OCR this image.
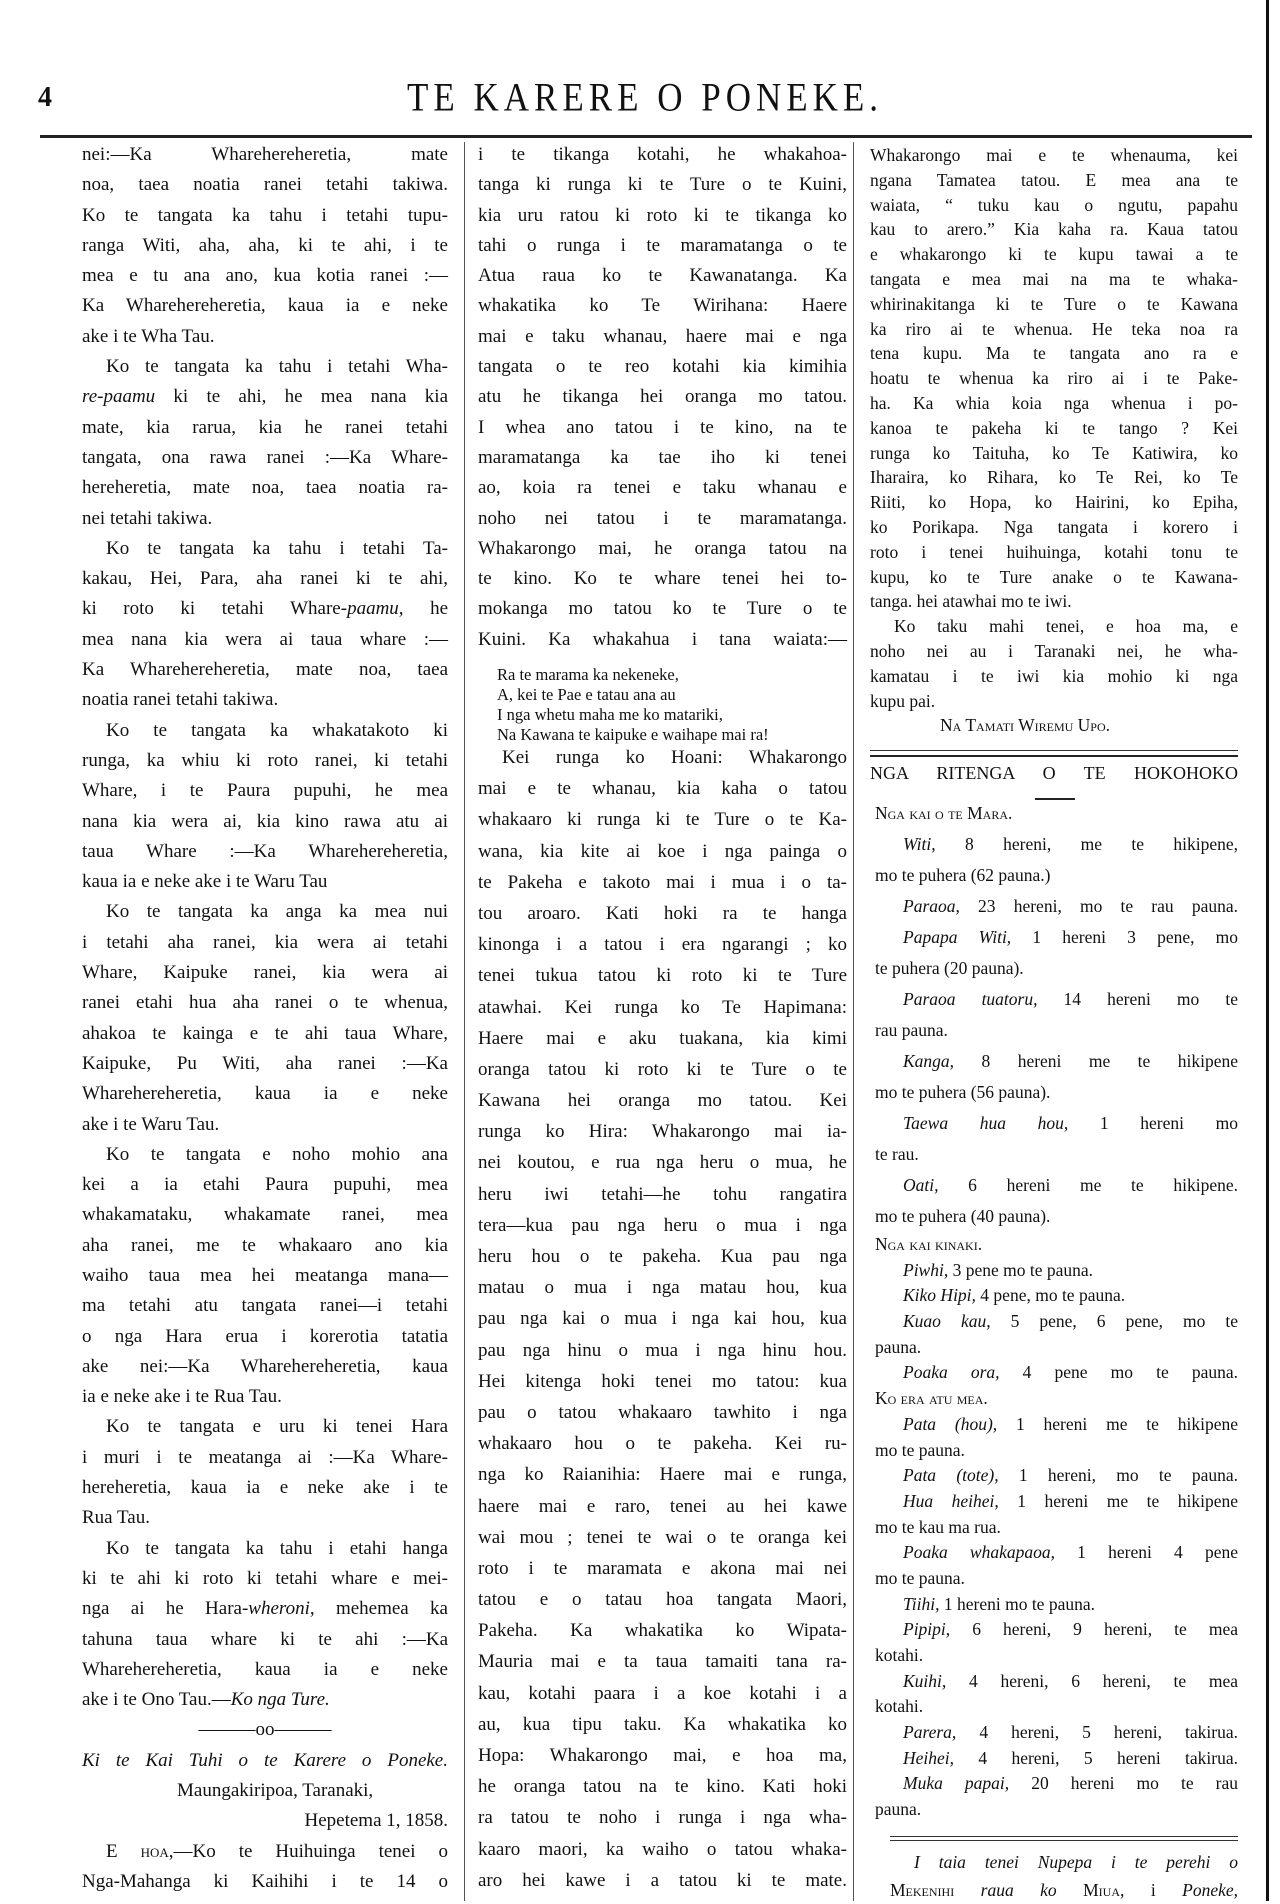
4	TE KARERE O PONEKE.
nei:—Ka Wharehereheretia, mate
noa, taea noatia ranei tetahi takiwa.
Ko te tangata ka tahu i tetahi tupu-
ranga Witi, aha, aha, ki te ahi, i te
mea e tu ana ano, kua kotia ranei :—
Ka Wharehereheretia, kaua ia e neke
ake i te Wha Tau.
Ko te tangata ka tahu i tetahi Wha-
re-paamu ki te ahi, he mea nana kia
mate, kia rarua, kia he ranei tetahi
tangata, ona rawa ranei :—Ka Whare-
hereheretia, mate noa, taea noatia ra-
nei tetahi takiwa.
Ko te tangata ka tahu i tetahi Ta-
kakau, Hei, Para, aha ranei ki te ahi,
ki roto ki tetahi Whare-paamu, he
mea nana kia wera ai taua whare :—
Ka Wharehereheretia, mate noa, taea
noatia ranei tetahi takiwa.
Ko te tangata ka whakatakoto ki
runga, ka whiu ki roto ranei, ki tetahi
Whare, i te Paura pupuhi, he mea
nana kia wera ai, kia kino rawa atu ai
taua Whare :—Ka Wharehereheretia,
kaua ia e neke ake i te Waru Tau
Ko te tangata ka anga ka mea nui
i tetahi aha ranei, kia wera ai tetahi
Whare, Kaipuke ranei, kia wera ai
ranei etahi hua aha ranei o te whenua,
ahakoa te kainga e te ahi taua Whare,
Kaipuke, Pu Witi, aha ranei :—Ka
Wharehereheretia, kaua ia e neke
ake i te Waru Tau.
Ko te tangata e noho mohio ana
kei a ia etahi Paura pupuhi, mea
whakamataku, whakamate ranei, mea
aha ranei, me te whakaaro ano kia
waiho taua mea hei meatanga mana—
ma tetahi atu tangata ranei—i tetahi
o nga Hara erua i korerotia tatatia
ake nei:—Ka Wharehereheretia, kaua
ia e neke ake i te Rua Tau.
Ko te tangata e uru ki tenei Hara
i muri i te meatanga ai :—Ka Whare-
hereheretia, kaua ia e neke ake i te
Rua Tau.
Ko te tangata ka tahu i etahi hanga
ki te ahi ki roto ki tetahi whare e mei-
nga ai he Hara-wheroni, mehemea ka
tahuna taua whare ki te ahi :—Ka
Wharehereheretia, kaua ia e neke
ake i te Ono Tau.—Ko nga Ture.
———oo———
Ki te Kai Tuhi o te Karere o Poneke.
Maungakiripoa, Taranaki,
Hepetema 1, 1858.
E hoa,—Ko te Huihuinga tenei o
Nga-Mahanga ki Kaihihi i te 14 o
i te tikanga kotahi, he whakahoa-
tanga ki runga ki te Ture o te Kuini,
kia uru ratou ki roto ki te tikanga ko
tahi o runga i te maramatanga o te
Atua raua ko te Kawanatanga. Ka
whakatika ko Te Wirihana: Haere
mai e taku whanau, haere mai e nga
tangata o te reo kotahi kia kimihia
atu he tikanga hei oranga mo tatou.
I whea ano tatou i te kino, na te
maramatanga ka tae iho ki tenei
ao, koia ra tenei e taku whanau e
noho nei tatou i te maramatanga.
Whakarongo mai, he oranga tatou na
te kino. Ko te whare tenei hei to-
mokanga mo tatou ko te Ture o te
Kuini. Ka whakahua i tana waiata:—
Ra te marama ka nekeneke,
A, kei te Pae e tatau ana au
I nga whetu maha me ko matariki,
Na Kawana te kaipuke e waihape mai ra!
Kei runga ko Hoani: Whakarongo
mai e te whanau, kia kaha o tatou
whakaaro ki runga ki te Ture o te Ka-
wana, kia kite ai koe i nga painga o
te Pakeha e takoto mai i mua i o ta-
tou aroaro. Kati hoki ra te hanga
kinonga i a tatou i era ngarangi ; ko
tenei tukua tatou ki roto ki te Ture
atawhai. Kei runga ko Te Hapimana:
Haere mai e aku tuakana, kia kimi
oranga tatou ki roto ki te Ture o te
Kawana hei oranga mo tatou. Kei
runga ko Hira: Whakarongo mai ia-
nei koutou, e rua nga heru o mua, he
heru iwi tetahi—he tohu rangatira
tera—kua pau nga heru o mua i nga
heru hou o te pakeha. Kua pau nga
matau o mua i nga matau hou, kua
pau nga kai o mua i nga kai hou, kua
pau nga hinu o mua i nga hinu hou.
Hei kitenga hoki tenei mo tatou: kua
pau o tatou whakaaro tawhito i nga
whakaaro hou o te pakeha. Kei ru-
nga ko Raianihia: Haere mai e runga,
haere mai e raro, tenei au hei kawe
wai mou ; tenei te wai o te oranga kei
roto i te maramata e akona mai nei
tatou e o tatau hoa tangata Maori,
Pakeha. Ka whakatika ko Wipata-
Mauria mai e ta taua tamaiti tana ra-
kau, kotahi paara i a koe kotahi i a
au, kua tipu taku. Ka whakatika ko
Hopa: Whakarongo mai, e hoa ma,
he oranga tatou na te kino. Kati hoki
ra tatou te noho i runga i nga wha-
kaaro maori, ka waiho o tatou whaka-
aro hei kawe i a tatou ki te mate.
Whakarongo mai e te whenauma, kei
ngana Tamatea tatou. E mea ana te
waiata, “ tuku kau o ngutu, papahu
kau to arero.” Kia kaha ra. Kaua tatou
e whakarongo ki te kupu tawai a te
tangata e mea mai na ma te whaka-
whirinakitanga ki te Ture o te Kawana
ka riro ai te whenua. He teka noa ra
tena kupu. Ma te tangata ano ra e
hoatu te whenua ka riro ai i te Pake-
ha. Ka whia koia nga whenua i po-
kanoa te pakeha ki te tango ? Kei
runga ko Taituha, ko Te Katiwira, ko
Iharaira, ko Rihara, ko Te Rei, ko Te
Riiti, ko Hopa, ko Hairini, ko Epiha,
ko Porikapa. Nga tangata i korero i
roto i tenei huihuinga, kotahi tonu te
kupu, ko te Ture anake o te Kawana-
tanga. hei atawhai mo te iwi.
Ko taku mahi tenei, e hoa ma, e
noho nei au i Taranaki nei, he wha-
kamatau i te iwi kia mohio ki nga
kupu pai.
Na Tamati Wiremu Upo.
NGA RITENGA O TE HOKOHOKO
Nga kai o te Mara.
Witi, 8 hereni, me te hikipene,
mo te puhera (62 pauna.)
Paraoa, 23 hereni, mo te rau pauna.
Papapa Witi, 1 hereni 3 pene, mo
te puhera (20 pauna).
Paraoa tuatoru, 14 hereni mo te
rau pauna.
Kanga, 8 hereni me te hikipene
mo te puhera (56 pauna).
Taewa hua hou, 1 hereni mo
te rau.
Oati, 6 hereni me te hikipene.
mo te puhera (40 pauna).
Nga kai kinaki.
Piwhi, 3 pene mo te pauna.
Kiko Hipi, 4 pene, mo te pauna.
Kuao kau, 5 pene, 6 pene, mo te
pauna.
Poaka ora, 4 pene mo te pauna.
Ko era atu mea.
Pata (hou), 1 hereni me te hikipene
mo te pauna.
Pata (tote), 1 hereni, mo te pauna.
Hua heihei, 1 hereni me te hikipene
mo te kau ma rua.
Poaka whakapaoa, 1 hereni 4 pene
mo te pauna.
Tiihi, 1 hereni mo te pauna.
Pipipi, 6 hereni, 9 hereni, te mea
kotahi.
Kuihi, 4 hereni, 6 hereni, te mea
kotahi.
Parera, 4 hereni, 5 hereni, takirua.
Heihei, 4 hereni, 5 hereni takirua.
Muka papai, 20 hereni mo te rau
pauna.
I taia tenei Nupepa i te perehi o
Mekenihi raua ko Miua, i Poneke,
